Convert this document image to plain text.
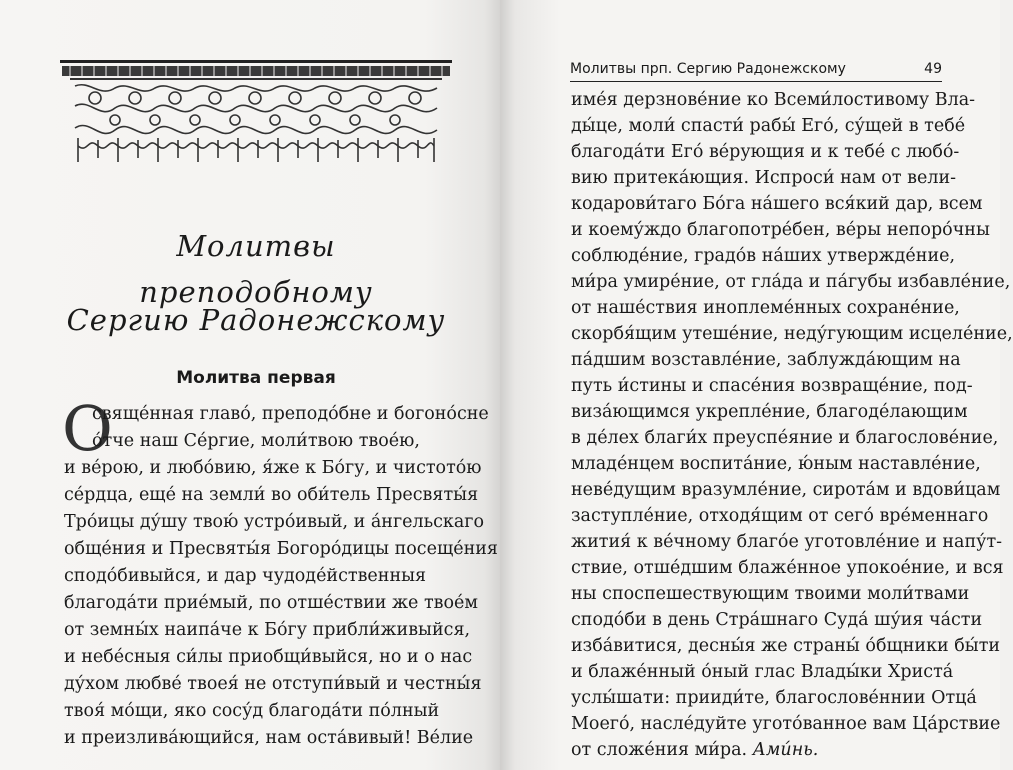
Молитвы
преподобному
Сергию Радонежскому
Молитва первая
О
свяще́нная главо́, преподо́бне и богоно́сне
о́тче наш Се́ргие, моли́твою твое́ю,
и ве́рою, и любо́вию, я́же к Бо́гу, и чистото́ю
се́рдца, еще́ на земли́ во оби́тель Пресвяты́я
Тро́ицы ду́шу твою́ устро́ивый, и а́нгельскаго
обще́ния и Пресвяты́я Богоро́дицы посеще́ния
сподо́бивыйся, и дар чудоде́йственныя
благода́ти прие́мый, по отше́ствии же твое́м
от земны́х наипа́че к Бо́гу прибли́живыйся,
и небе́сныя си́лы приобщи́выйся, но и о нас
ду́хом любве́ твоея́ не отступи́вый и честны́я
твоя́ мо́щи, яко сосу́д благода́ти по́лный
и преизлива́ющийся, нам оста́вивый! Ве́лие
Молитвы прп. Сергию Радонежскому	49
име́я дерзнове́ние ко Всеми́лостивому Вла-
ды́це, моли́ спасти́ рабы́ Его́, су́щей в тебе́
благода́ти Его́ ве́рующия и к тебе́ с любо́-
вию притека́ющия. Испроси́ нам от вели-
кодарови́таго Бо́га на́шего вся́кий дар, всем
и коему́ждо благопотре́бен, ве́ры непоро́чны
соблюде́ние, градо́в на́ших утвержде́ние,
ми́ра умире́ние, от гла́да и па́губы избавле́ние,
от наше́ствия иноплеме́нных сохране́ние,
скорбя́щим утеше́ние, неду́гующим исцеле́ние,
па́дшим возставле́ние, заблужда́ющим на
путь и́стины и спасе́ния возвраще́ние, под-
виза́ющимся укрепле́ние, благоде́лающим
в де́лех благи́х преуспе́яние и благослове́ние,
младе́нцем воспита́ние, ю́ным наставле́ние,
неве́дущим вразумле́ние, сирота́м и вдови́цам
заступле́ние, отходя́щим от сего́ вре́меннаго
жития́ к ве́чному благо́е уготовле́ние и напу́т-
ствие, отше́дшим блаже́нное упокое́ние, и вся
ны споспешествующим твоими моли́твами
сподо́би в день Стра́шнаго Суда́ шу́ия ча́сти
изба́витися, десны́я же страны́ о́бщники бы́ти
и блаже́нный о́ный глас Влады́ки Христа́
услы́шати: прииди́те, благослове́ннии Отца́
Моего́, насле́дуйте угото́ванное вам Ца́рствие
от сложе́ния ми́ра. Ами́нь.
